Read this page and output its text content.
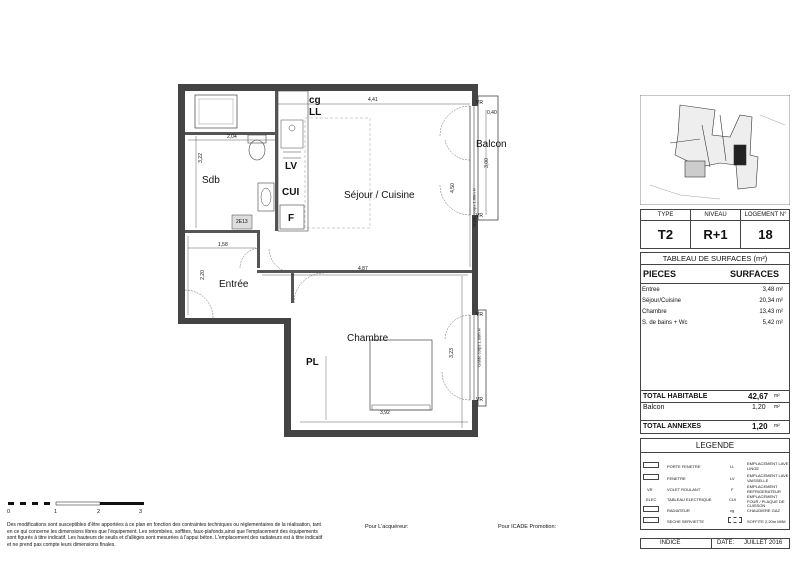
Sdb
Séjour / Cuisine
Balcon
Entrée
Chambre
cg
LL
LV
CUI
F
PL
2E13
4,41
0,40
2,04
3,22
1,58
2,20
4,87
3,00
4,50
3,23
3,92
Garde corps 1.00m H
Garde corps 1.00m H
VR
VR
VR
VR
TYPE	NIVEAU	LOGEMENT N°
T2	R+1	18
TABLEAU DE SURFACES (m²)
PIECES	SURFACES
Entree	3,48 m²
Séjour/Cuisine	20,34 m²
Chambre	13,43 m²
S. de bains + Wc	5,42 m²
TOTAL HABITABLE	42,67 m²
Balcon	1,20 m²
TOTAL ANNEXES	1,20 m²
LEGENDE
PORTE FENETRE
FENETRE
VR	VOLET ROULANT
ELEC	TABLEAU ELECTRIQUE
RADIATEUR
SECHE SERVIETTE
LL
EMPLACEMENT LAVE LINGE
LV
EMPLACEMENT LAVE VAISSELLE
F
EMPLACEMENT REFRIGERATEUR
CUI
EMPLACEMENT FOUR / PLAQUE DE CUISSON
cg	CHAUDIERE GAZ
SOFFITE 2,20m MINI
INDICE	DATE: JUILLET 2016
0	1	2	3
Des modifications sont susceptibles d'être apportées à ce plan en fonction des contraintes techniques ou réglementaires de la réalisation, tant en ce qui concerne les dimensions libres que l'équipement. Les retombées, soffites, faux-plafonds,ainsi que l'emplacement des équipements sont figurés à titre indicatif. Les hauteurs de seuils et d'allèges sont mesurées à l'appui béton. L'emplacement des radiateurs est à titre indicatif et ne prend pas compte leurs dimensions finales.
Pour L'acquéreur:	Pour ICADE Promotion:
